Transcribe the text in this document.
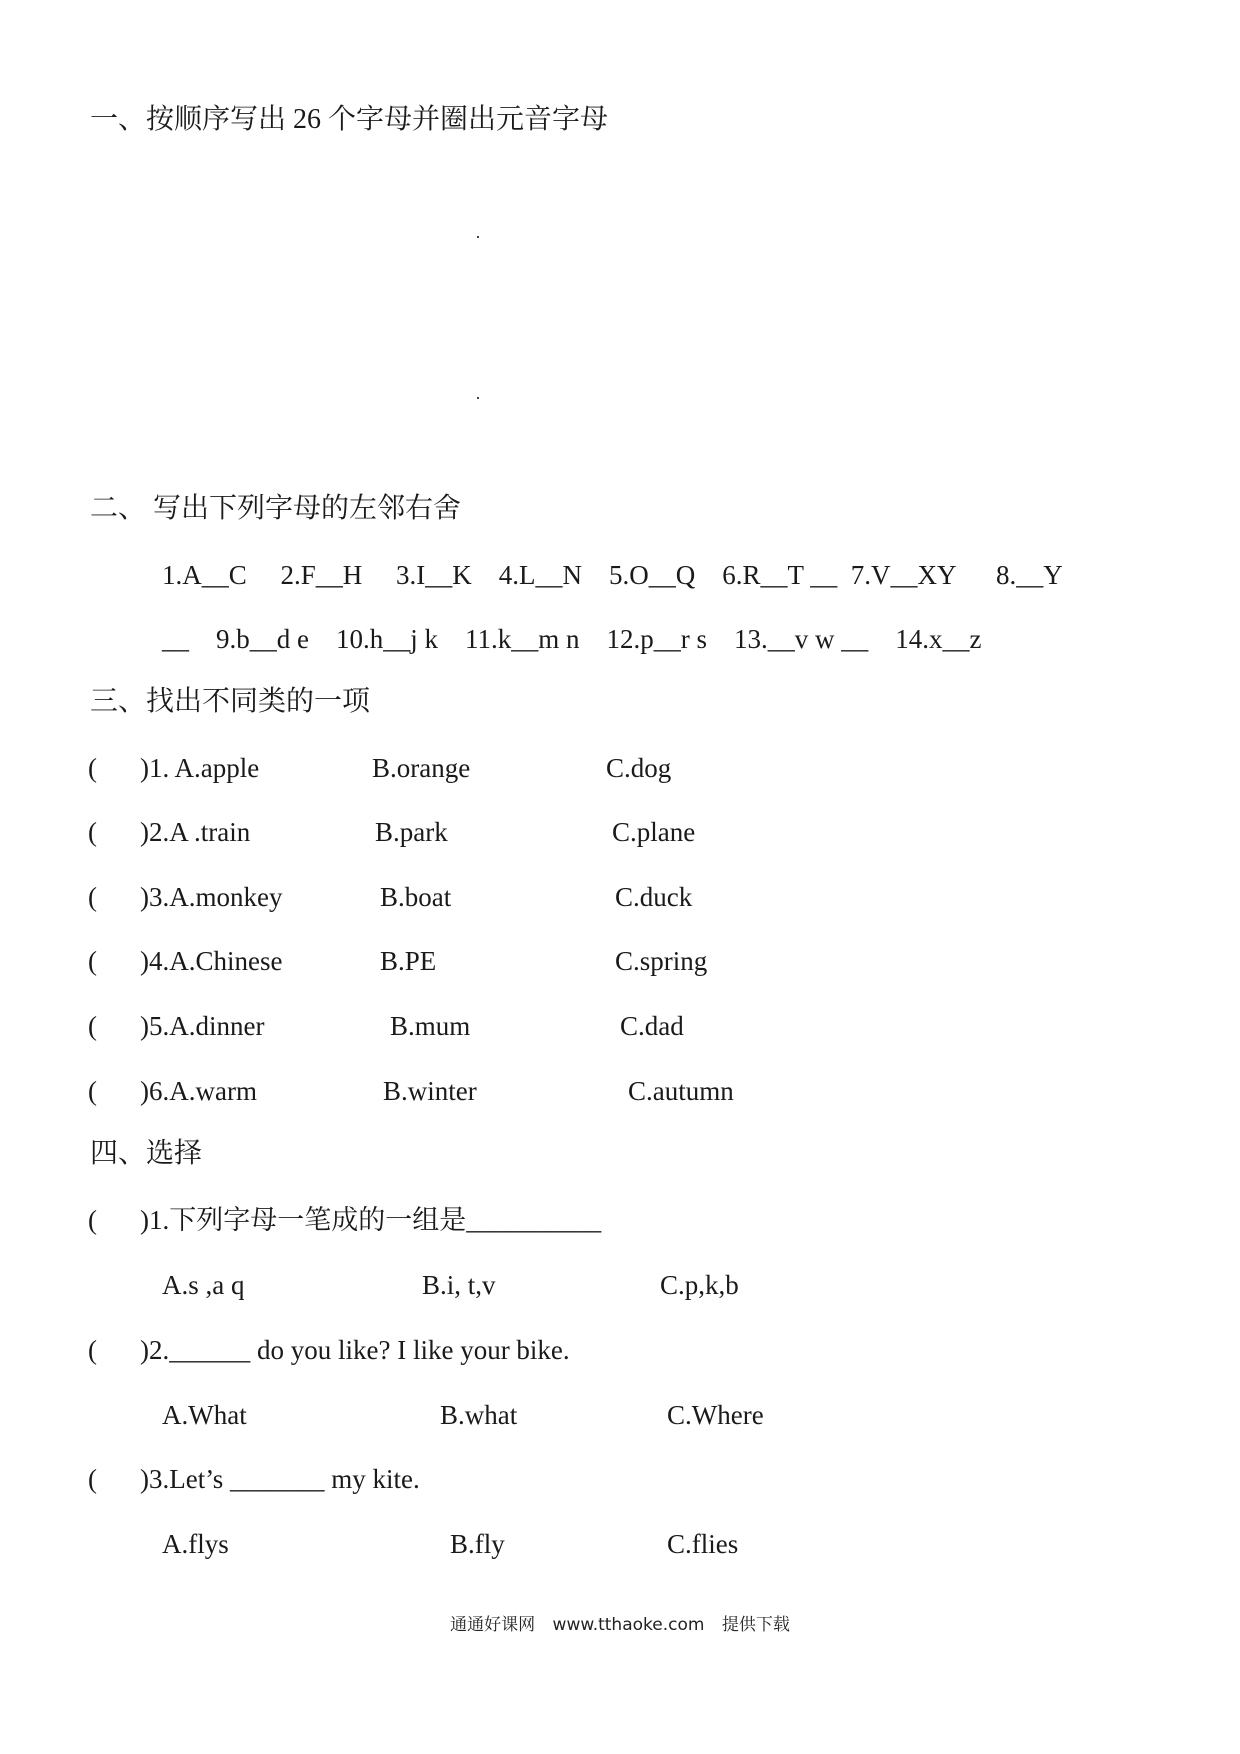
一、按顺序写出 26 个字母并圈出元音字母
二、 写出下列字母的左邻右舍
1.A__C     2.F__H     3.I__K    4.L__N    5.O__Q    6.R__T __  7.V__XY      8.__Y
__    9.b__d e    10.h__j k    11.k__m n    12.p__r s    13.__v w __    14.x__z
三、找出不同类的一项
( )1. A.apple	B.orange	C.dog
( )2.A .train	B.park	C.plane
( )3.A.monkey	B.boat	C.duck
( )4.A.Chinese	B.PE	C.spring
( )5.A.dinner	B.mum	C.dad
( )6.A.warm	B.winter	C.autumn
四、选择
( )1.下列字母一笔成的一组是__________
A.s ,a q	B.i, t,v	C.p,k,b
( )2.______ do you like? I like your bike.
A.What	B.what	C.Where
( )3.Let’s _______ my kite.
A.flys	B.fly	C.flies
通通好课网 www.tthaoke.com 提供下载
